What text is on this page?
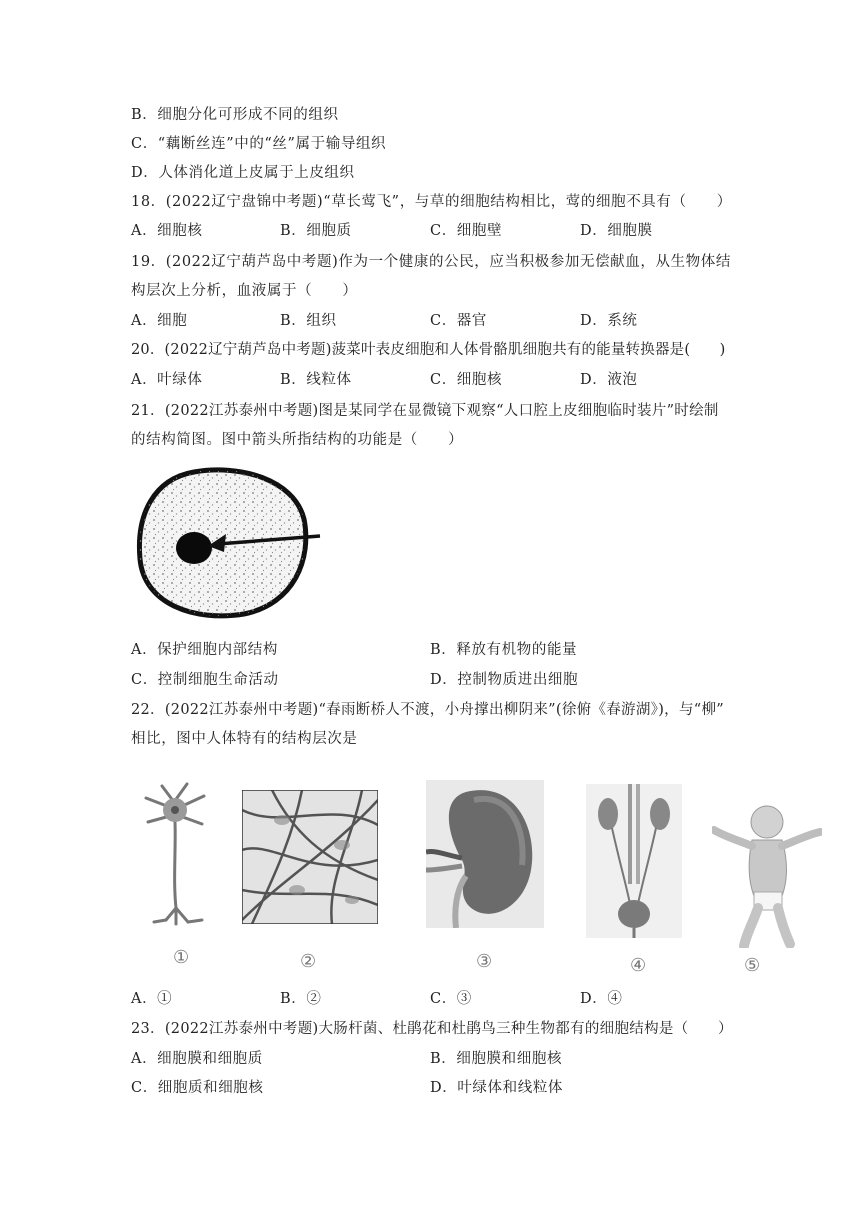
B．细胞分化可形成不同的组织
C．“藕断丝连”中的“丝”属于输导组织
D．人体消化道上皮属于上皮组织
18．(2022辽宁盘锦中考题)“草长莺飞”，与草的细胞结构相比，莺的细胞不具有（　　）
A．细胞核	B．细胞质	C．细胞壁	D．细胞膜
19．(2022辽宁葫芦岛中考题)作为一个健康的公民，应当积极参加无偿献血，从生物体结
构层次上分析，血液属于（　　）
A．细胞	B．组织	C．器官	D．系统
20．(2022辽宁葫芦岛中考题)菠菜叶表皮细胞和人体骨骼肌细胞共有的能量转换器是(　　)
A．叶绿体	B．线粒体	C．细胞核	D．液泡
21．(2022江苏泰州中考题)图是某同学在显微镜下观察“人口腔上皮细胞临时装片”时绘制
的结构简图。图中箭头所指结构的功能是（　　）
A．保护细胞内部结构	B．释放有机物的能量
C．控制细胞生命活动	D．控制物质进出细胞
22．(2022江苏泰州中考题)“春雨断桥人不渡，小舟撑出柳阴来”(徐俯《春游湖》)，与“柳”
相比，图中人体特有的结构层次是
①	②	③	④	⑤
A．①	B．②	C．③	D．④
23．(2022江苏泰州中考题)大肠杆菌、杜鹃花和杜鹃鸟三种生物都有的细胞结构是（　　）
A．细胞膜和细胞质	B．细胞膜和细胞核
C．细胞质和细胞核	D．叶绿体和线粒体
